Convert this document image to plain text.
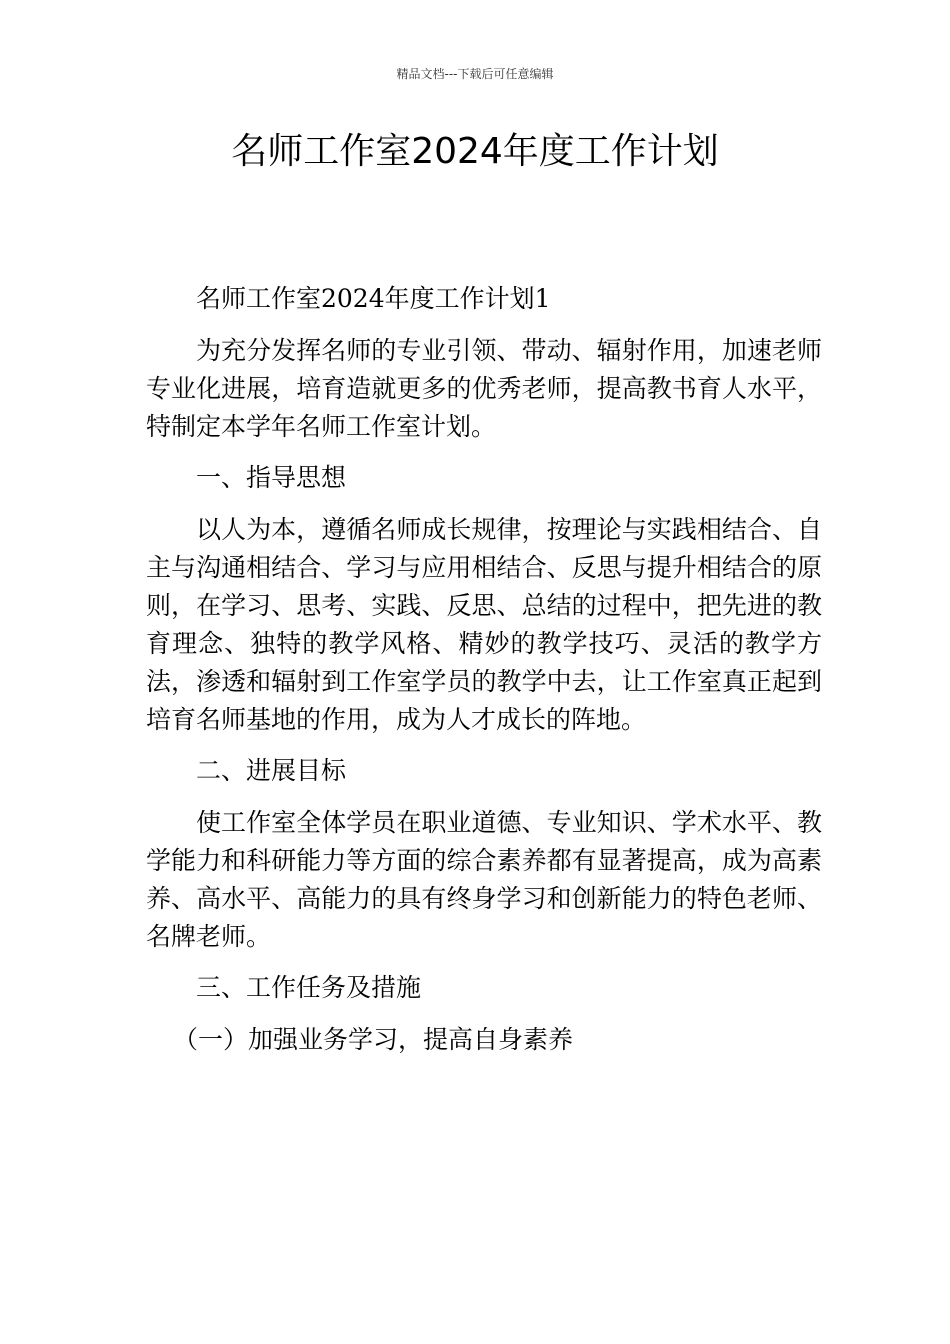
精品文档---下载后可任意编辑
名师工作室2024年度工作计划

名师工作室2024年度工作计划1

为充分发挥名师的专业引领、带动、辐射作用，加速老师专业化进展，培育造就更多的优秀老师，提高教书育人水平，特制定本学年名师工作室计划。

一、指导思想

以人为本，遵循名师成长规律，按理论与实践相结合、自主与沟通相结合、学习与应用相结合、反思与提升相结合的原则，在学习、思考、实践、反思、总结的过程中，把先进的教育理念、独特的教学风格、精妙的教学技巧、灵活的教学方法，渗透和辐射到工作室学员的教学中去，让工作室真正起到培育名师基地的作用，成为人才成长的阵地。

二、进展目标

使工作室全体学员在职业道德、专业知识、学术水平、教学能力和科研能力等方面的综合素养都有显著提高，成为高素养、高水平、高能力的具有终身学习和创新能力的特色老师、名牌老师。

三、工作任务及措施

（一）加强业务学习，提高自身素养
